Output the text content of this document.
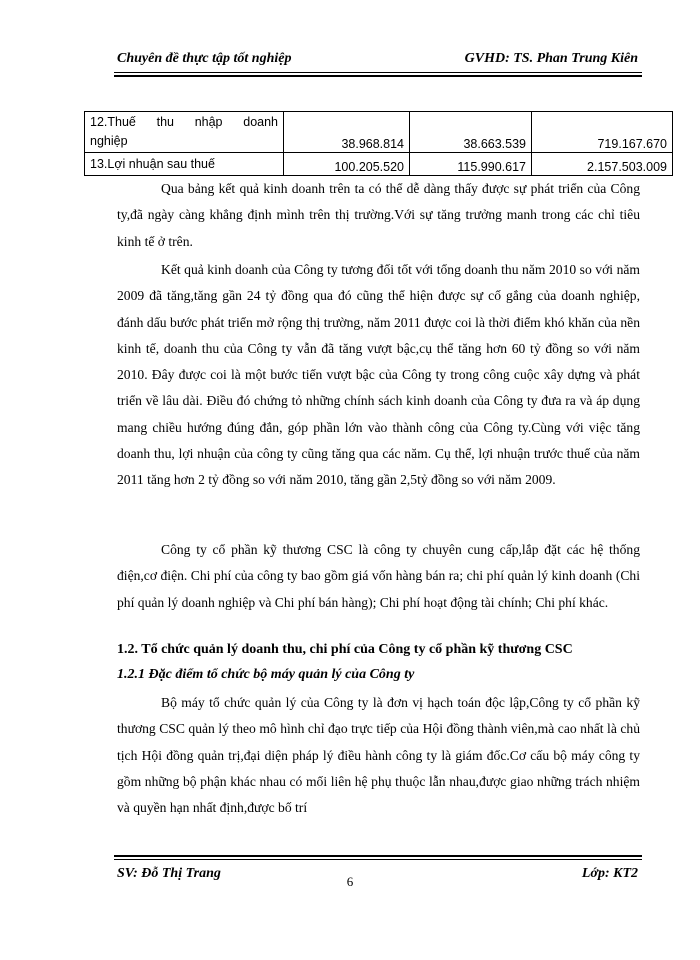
Chuyên đề thực tập tốt nghiệp	GVHD: TS. Phan Trung Kiên
12.Thuế thu nhập doanh
nghiệp	38.968.814	38.663.539	719.167.670

13.Lợi nhuận sau thuế	100.205.520	115.990.617	2.157.503.009

Qua bảng kết quả kinh doanh trên ta có thể dễ dàng thấy được sự phát triển của Công ty,đã ngày càng khẳng định mình trên thị trường.Với sự tăng trưởng manh trong các chỉ tiêu kinh tế ở trên.

Kết quả kinh doanh của Công ty tương đối tốt với tổng doanh thu năm 2010 so với năm 2009 đã tăng,tăng gần 24 tỷ đồng qua đó cũng thể hiện được sự cố gắng của doanh nghiệp, đánh dấu bước phát triển mở rộng thị trường, năm 2011 được coi là thời điểm khó khăn của nền kinh tế, doanh thu của Công ty vẫn đã tăng vượt bậc,cụ thể tăng hơn 60 tỷ đồng so với năm 2010. Đây được coi là một bước tiến vượt bậc của Công ty trong công cuộc xây dựng và phát triển về lâu dài. Điều đó chứng tỏ những chính sách kinh doanh của Công ty đưa ra và áp dụng mang chiều hướng đúng đắn, góp phần lớn vào thành công của Công ty.Cùng với việc tăng doanh thu, lợi nhuận của công ty cũng tăng qua các năm. Cụ thể, lợi nhuận trước thuế của năm 2011 tăng hơn 2 tỷ đồng so với năm 2010, tăng gần 2,5tỷ đồng so với năm 2009.

Công ty cổ phần kỹ thương CSC là công ty chuyên cung cấp,lắp đặt các hệ thống điện,cơ điện. Chi phí của công ty bao gồm giá vốn hàng bán ra; chi phí quản lý kinh doanh (Chi phí quản lý doanh nghiệp và Chi phí bán hàng); Chi phí hoạt động tài chính; Chi phí khác.

1.2. Tổ chức quản lý doanh thu, chi phí của Công ty cổ phần kỹ thương CSC

1.2.1 Đặc điểm tổ chức bộ máy quản lý của Công ty

Bộ máy tổ chức quản lý của Công ty là đơn vị hạch toán độc lập,Công ty cổ phần kỹ thương CSC quản lý theo mô hình chỉ đạo trực tiếp của Hội đồng thành viên,mà cao nhất là chủ tịch Hội đồng quản trị,đại diện pháp lý điều hành công ty là giám đốc.Cơ cấu bộ máy công ty gồm những bộ phận khác nhau có mối liên hệ phụ thuộc lẫn nhau,được giao những trách nhiệm và quyền hạn nhất định,được bố trí

SV: Đỗ Thị Trang
6
Lớp: KT2
